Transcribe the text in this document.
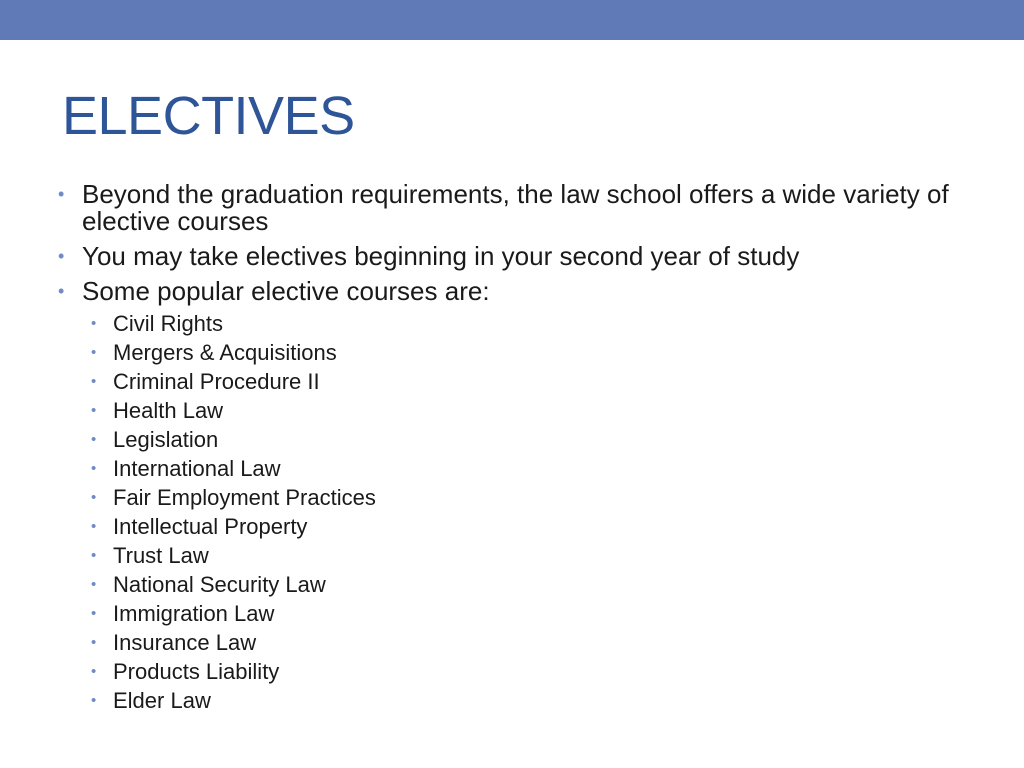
ELECTIVES
• Beyond the graduation requirements, the law school offers a wide variety of elective courses
• You may take electives beginning in your second year of study
• Some popular elective courses are:
• Civil Rights
• Mergers & Acquisitions
• Criminal Procedure II
• Health Law
• Legislation
• International Law
• Fair Employment Practices
• Intellectual Property
• Trust Law
• National Security Law
• Immigration Law
• Insurance Law
• Products Liability
• Elder Law
